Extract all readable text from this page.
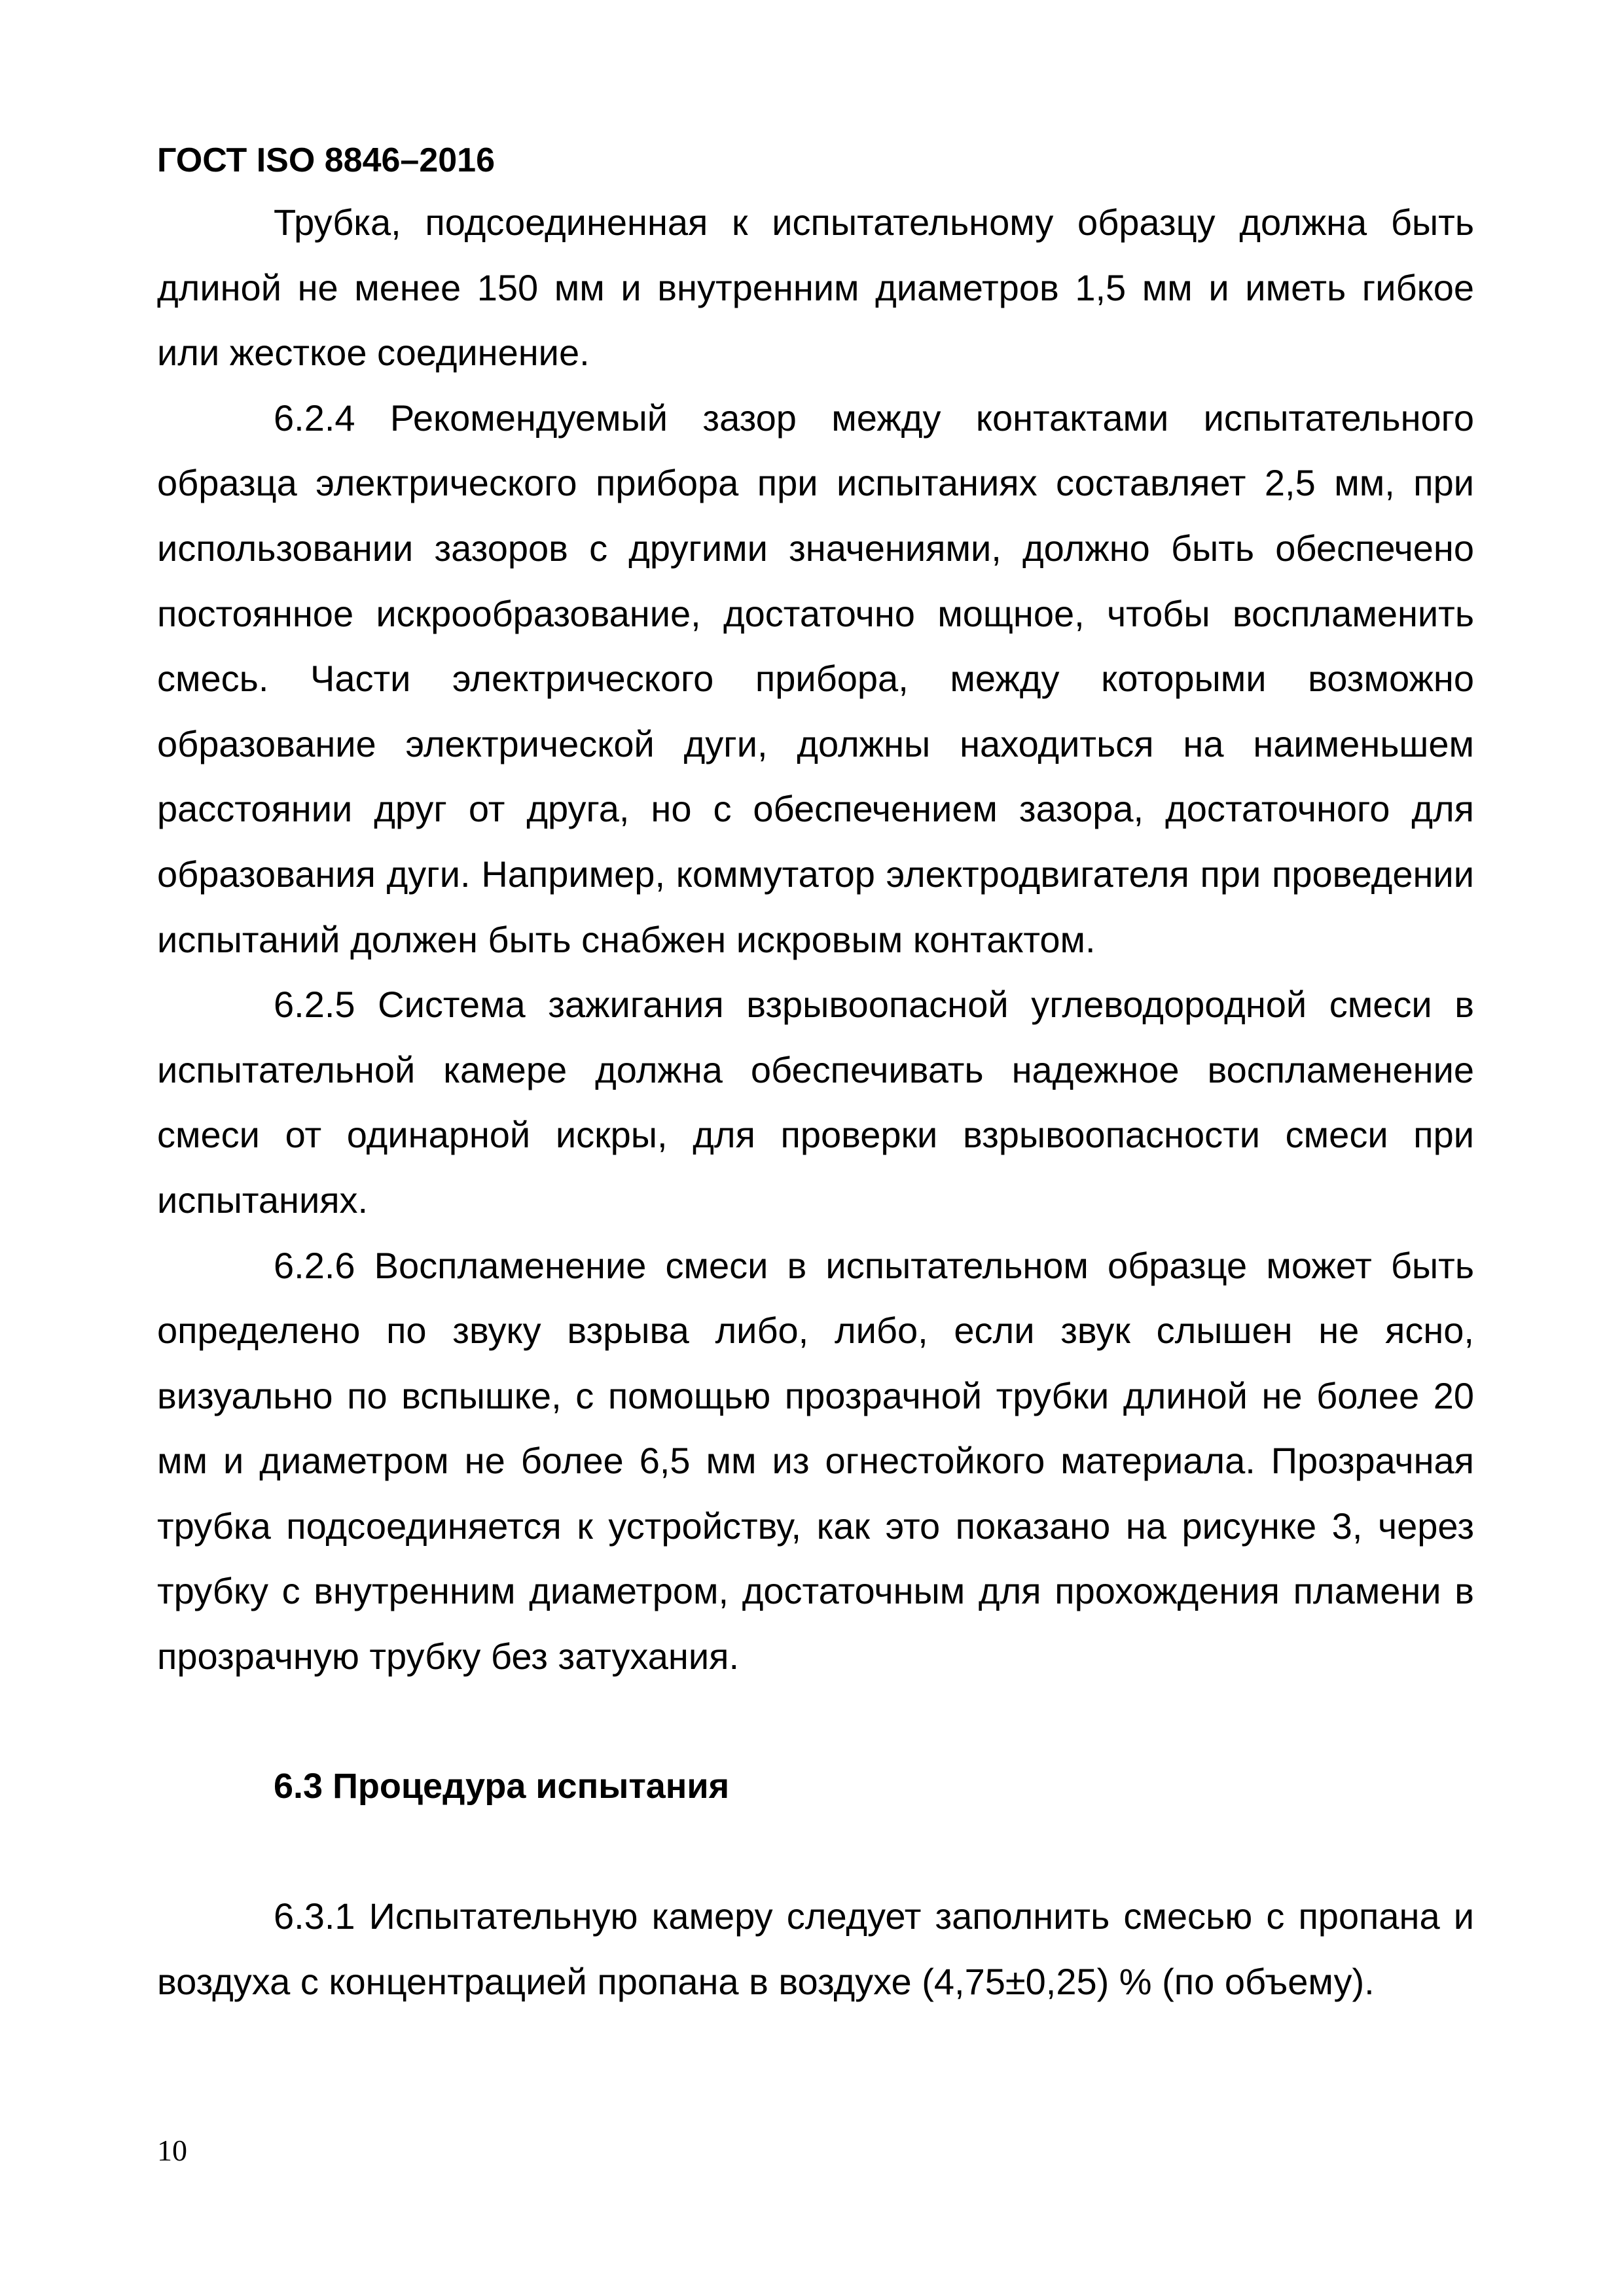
ГОСТ ISO 8846–2016

Трубка, подсоединенная к испытательному образцу должна быть длиной не менее 150 мм и внутренним диаметров 1,5 мм и иметь гибкое или жесткое соединение.

6.2.4 Рекомендуемый зазор между контактами испытательного образца электрического прибора при испытаниях составляет 2,5 мм, при использовании зазоров с другими значениями, должно быть обеспечено постоянное искрообразование, достаточно мощное, чтобы воспламенить смесь. Части электрического прибора, между которыми возможно образование электрической дуги, должны находиться на наименьшем расстоянии друг от друга, но с обеспечением зазора, достаточного для образования дуги. Например, коммутатор электродвигателя при проведении испытаний должен быть снабжен искровым контактом.

6.2.5 Система зажигания взрывоопасной углеводородной смеси в испытательной камере должна обеспечивать надежное воспламенение смеси от одинарной искры, для проверки взрывоопасности смеси при испытаниях.

6.2.6 Воспламенение смеси в испытательном образце может быть определено по звуку взрыва либо, либо, если звук слышен не ясно, визуально по вспышке, с помощью прозрачной трубки длиной не более 20 мм и диаметром не более 6,5 мм из огнестойкого материала. Прозрачная трубка подсоединяется к устройству, как это показано на рисунке 3, через трубку с внутренним диаметром, достаточным для прохождения пламени в прозрачную трубку без затухания.

6.3 Процедура испытания

6.3.1 Испытательную камеру следует заполнить смесью с пропана и воздуха с концентрацией пропана в воздухе (4,75±0,25) % (по объему).

10
